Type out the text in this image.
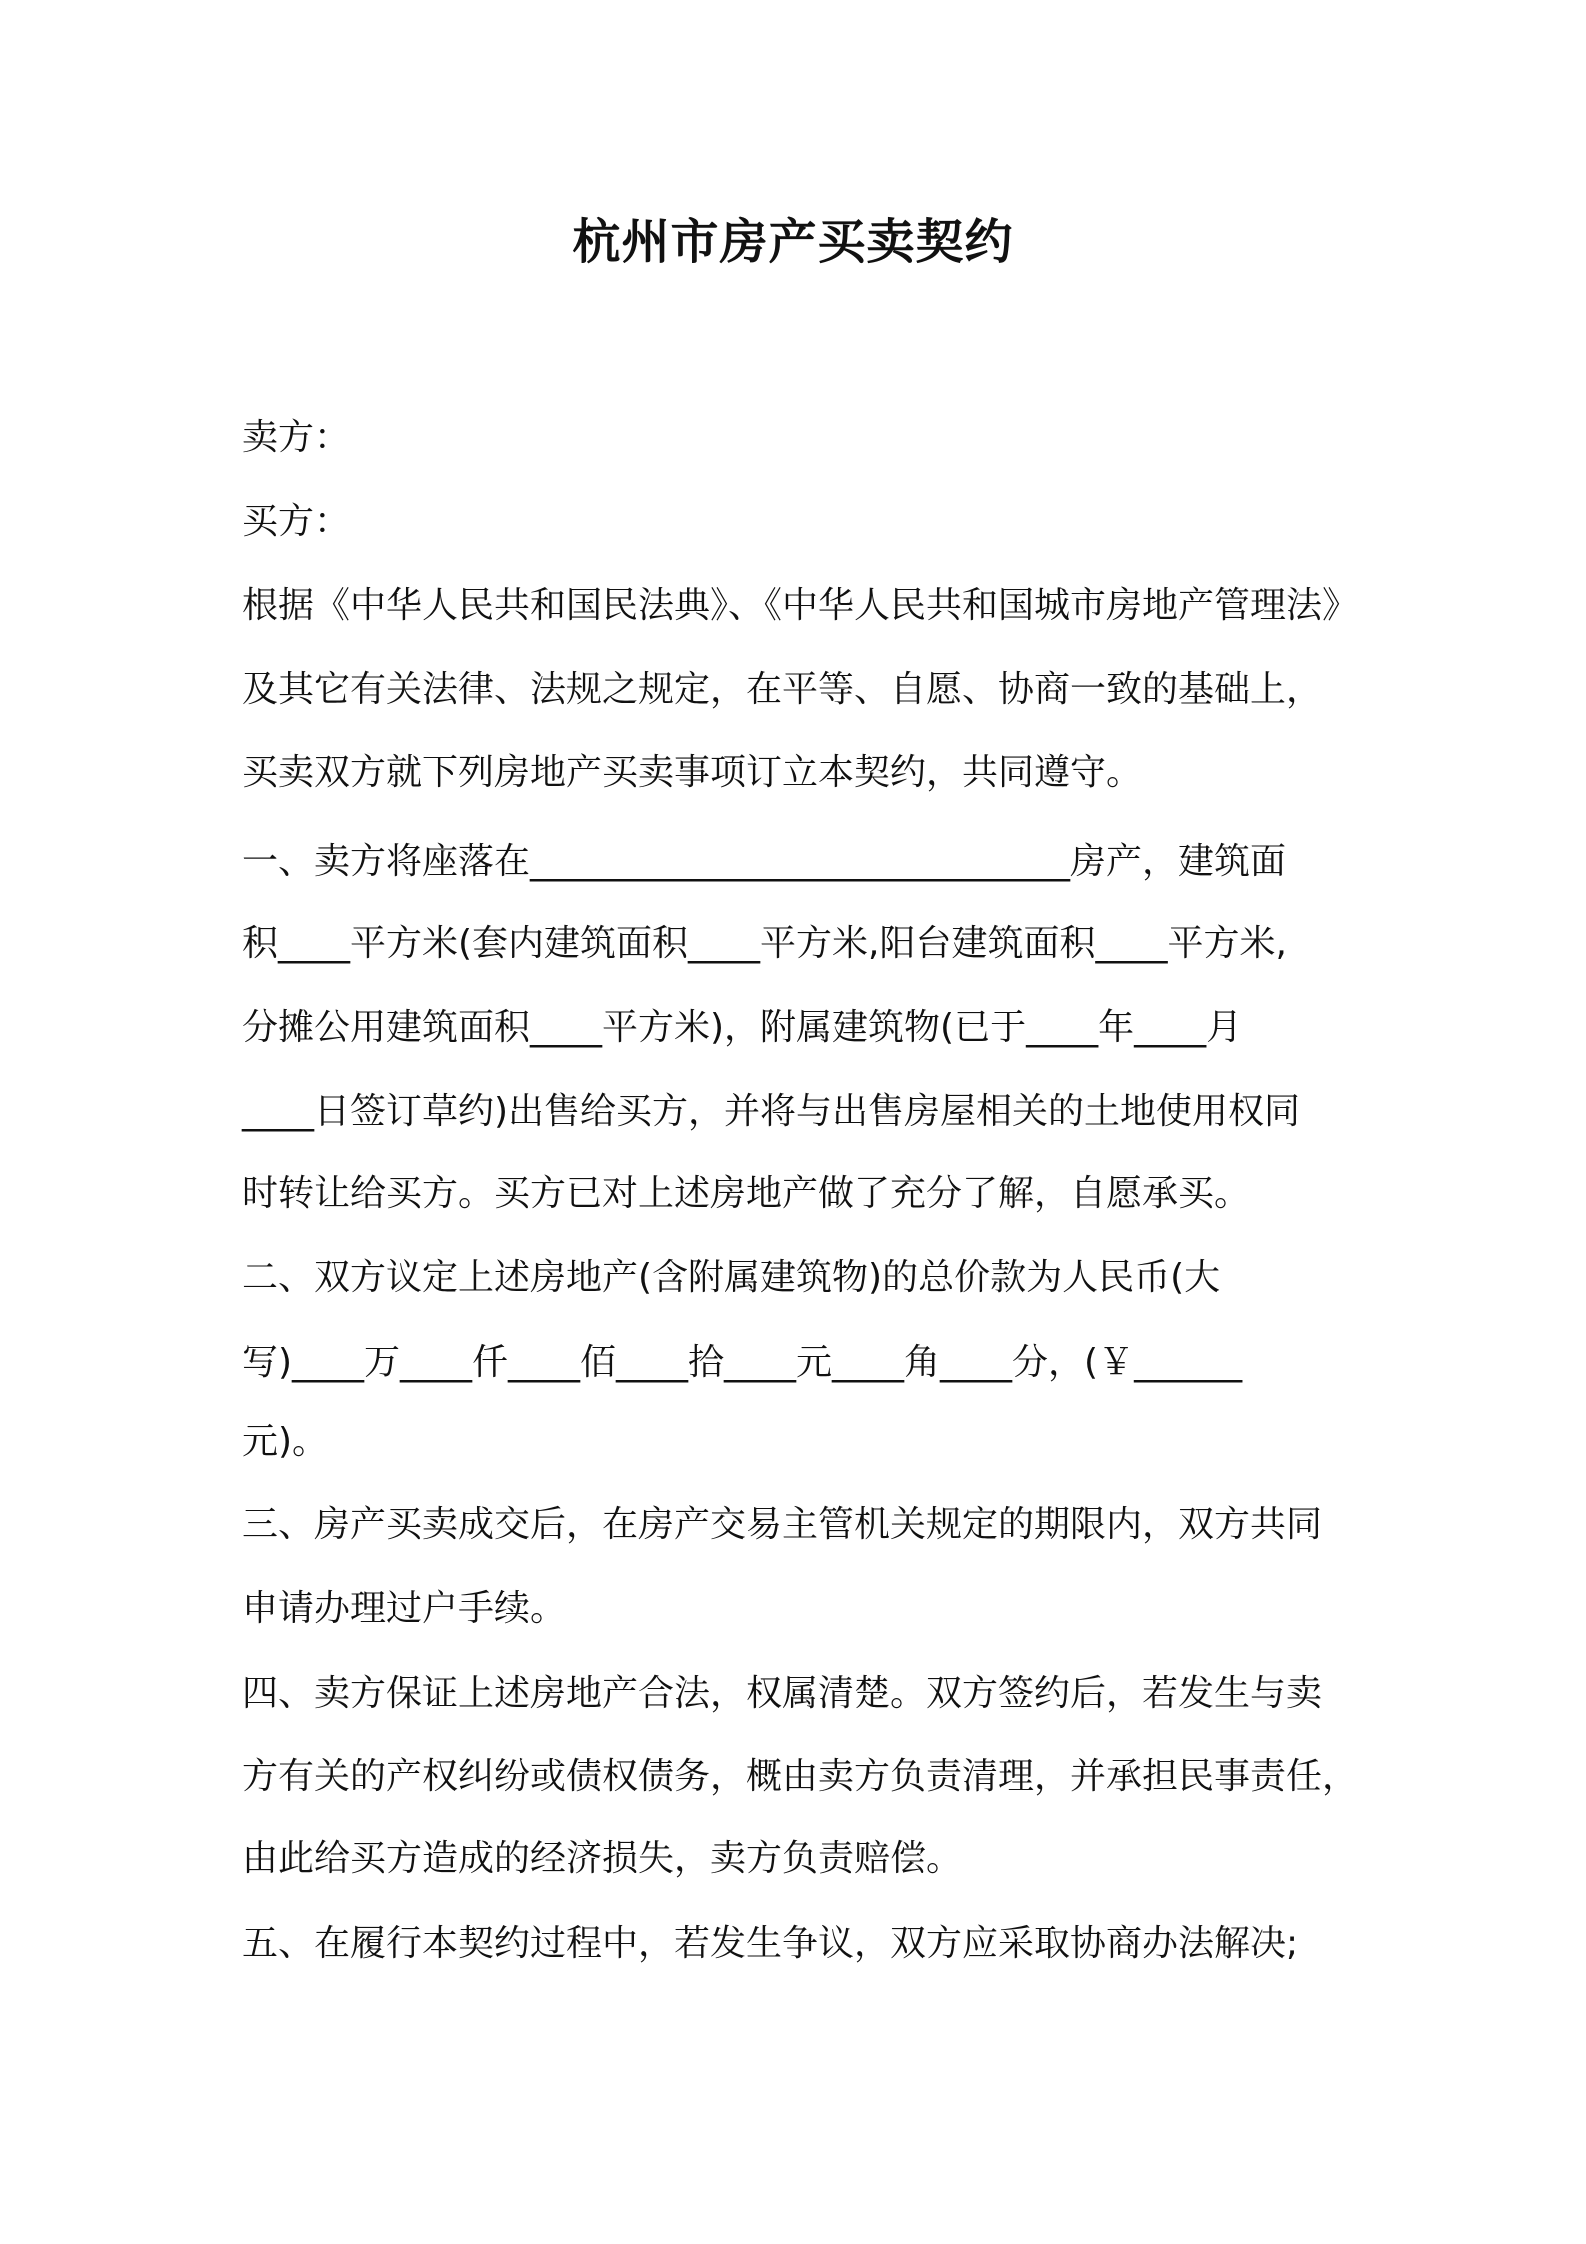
杭州市房产买卖契约
卖方：
买方：
根据《中华人民共和国民法典》、《中华人民共和国城市房地产管理法》
及其它有关法律、法规之规定，在平等、自愿、协商一致的基础上，
买卖双方就下列房地产买卖事项订立本契约，共同遵守。
一、卖方将座落在______________________________房产，建筑面
积____平方米(套内建筑面积____平方米,阳台建筑面积____平方米,
分摊公用建筑面积____平方米)，附属建筑物(已于____年____月
____日签订草约)出售给买方，并将与出售房屋相关的土地使用权同
时转让给买方。买方已对上述房地产做了充分了解，自愿承买。
二、双方议定上述房地产(含附属建筑物)的总价款为人民币(大
写)____万____仟____佰____拾____元____角____分，(￥______
元)。
三、房产买卖成交后，在房产交易主管机关规定的期限内，双方共同
申请办理过户手续。
四、卖方保证上述房地产合法，权属清楚。双方签约后，若发生与卖
方有关的产权纠纷或债权债务，概由卖方负责清理，并承担民事责任，
由此给买方造成的经济损失，卖方负责赔偿。
五、在履行本契约过程中，若发生争议，双方应采取协商办法解决;
